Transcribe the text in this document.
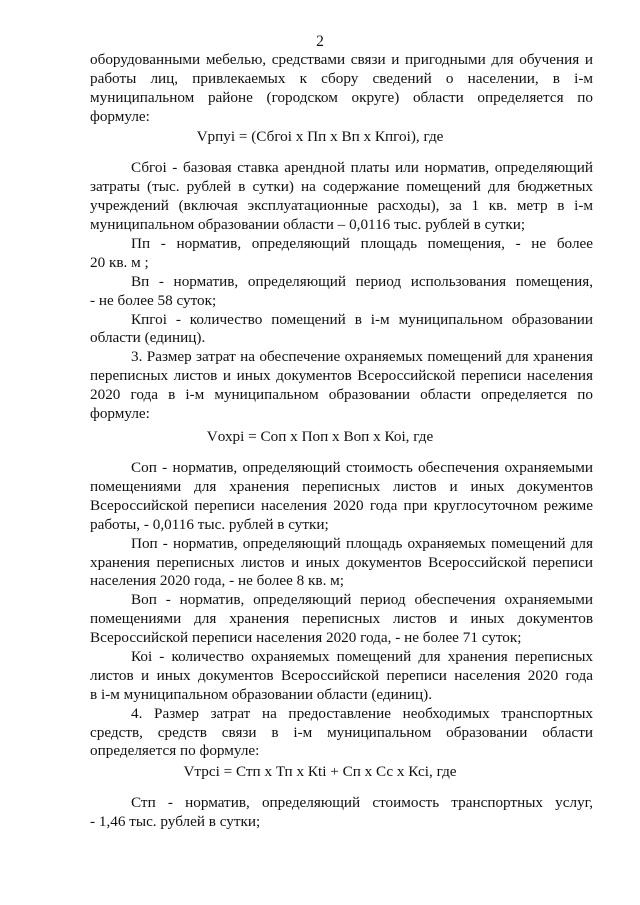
2
оборудованными мебелью, средствами связи и пригодными для обучения и
работы лиц, привлекаемых к сбору сведений о населении, в i-м
муниципальном районе (городском округе) области определяется по
формуле:
Vрпуi = (Сбгоi x Пп x Вп x Кпгоi), где
Сбгоi - базовая ставка арендной платы или норматив, определяющий
затраты (тыс. рублей в сутки) на содержание помещений для бюджетных
учреждений (включая эксплуатационные расходы), за 1 кв. метр в i-м
муниципальном образовании области – 0,0116 тыс. рублей в сутки;
Пп - норматив, определяющий площадь помещения, - не более
20 кв. м ;
Вп - норматив, определяющий период использования помещения,
- не более 58 суток;
Кпгоi - количество помещений в i-м муниципальном образовании
области (единиц).
3. Размер затрат на обеспечение охраняемых помещений для хранения
переписных листов и иных документов Всероссийской переписи населения
2020 года в i-м муниципальном образовании области определяется по
формуле:
Vохрi = Соп x Поп x Воп x Коi, где
Соп - норматив, определяющий стоимость обеспечения охраняемыми
помещениями для хранения переписных листов и иных документов
Всероссийской переписи населения 2020 года при круглосуточном режиме
работы, - 0,0116 тыс. рублей в сутки;
Поп - норматив, определяющий площадь охраняемых помещений для
хранения переписных листов и иных документов Всероссийской переписи
населения 2020 года, - не более 8 кв. м;
Воп - норматив, определяющий период обеспечения охраняемыми
помещениями для хранения переписных листов и иных документов
Всероссийской переписи населения 2020 года, - не более 71 суток;
Коi - количество охраняемых помещений для хранения переписных
листов и иных документов Всероссийской переписи населения 2020 года
в i-м муниципальном образовании области (единиц).
4. Размер затрат на предоставление необходимых транспортных
средств, средств связи в i-м муниципальном образовании области
определяется по формуле:
Vтрсi = Стп x Тп x Кtі + Сп x Сс x Ксі, где
Стп - норматив, определяющий стоимость транспортных услуг,
- 1,46 тыс. рублей в сутки;
